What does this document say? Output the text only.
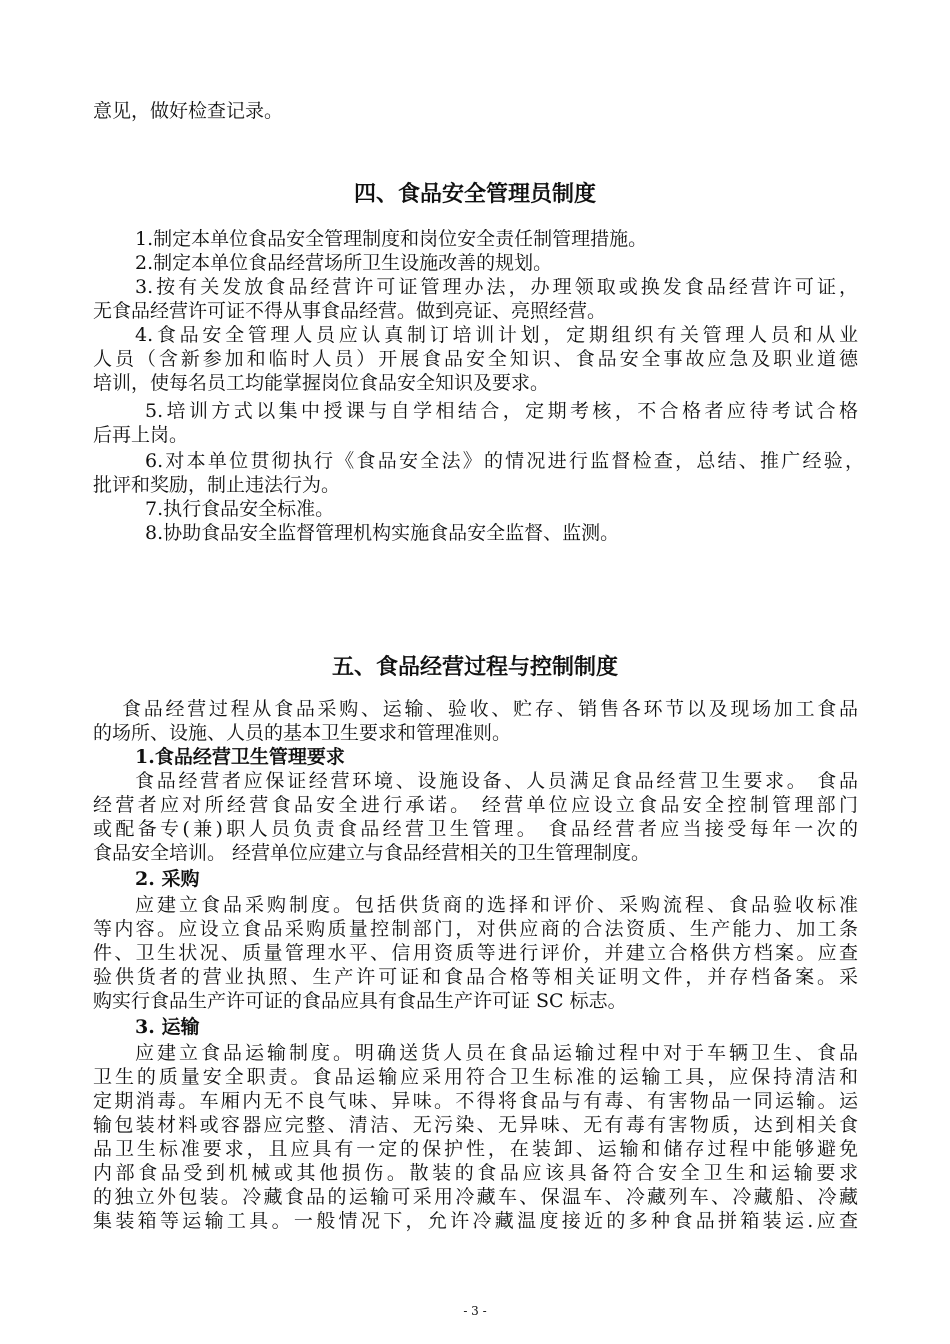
意见，做好检查记录。
四、食品安全管理员制度
1.制定本单位食品安全管理制度和岗位安全责任制管理措施。
2.制定本单位食品经营场所卫生设施改善的规划。
3.按有关发放食品经营许可证管理办法，办理领取或换发食品经营许可证，
无食品经营许可证不得从事食品经营。做到亮证、亮照经营。
4.食品安全管理人员应认真制订培训计划，定期组织有关管理人员和从业
人员（含新参加和临时人员）开展食品安全知识、食品安全事故应急及职业道德
培训，使每名员工均能掌握岗位食品安全知识及要求。
5.培训方式以集中授课与自学相结合，定期考核，不合格者应待考试合格
后再上岗。
6.对本单位贯彻执行《食品安全法》的情况进行监督检查，总结、推广经验，
批评和奖励，制止违法行为。
7.执行食品安全标准。
8.协助食品安全监督管理机构实施食品安全监督、监测。
五、食品经营过程与控制制度
食品经营过程从食品采购、运输、验收、贮存、销售各环节以及现场加工食品
的场所、设施、人员的基本卫生要求和管理准则。
1.食品经营卫生管理要求
食品经营者应保证经营环境、设施设备、人员满足食品经营卫生要求。 食品
经营者应对所经营食品安全进行承诺。 经营单位应设立食品安全控制管理部门
或配备专(兼)职人员负责食品经营卫生管理。 食品经营者应当接受每年一次的
食品安全培训。 经营单位应建立与食品经营相关的卫生管理制度。
2. 采购
应建立食品采购制度。包括供货商的选择和评价、采购流程、食品验收标准
等内容。应设立食品采购质量控制部门，对供应商的合法资质、生产能力、加工条
件、卫生状况、质量管理水平、信用资质等进行评价，并建立合格供方档案。应查
验供货者的营业执照、生产许可证和食品合格等相关证明文件，并存档备案。采
购实行食品生产许可证的食品应具有食品生产许可证 SC 标志。
3. 运输
应建立食品运输制度。明确送货人员在食品运输过程中对于车辆卫生、食品
卫生的质量安全职责。食品运输应采用符合卫生标准的运输工具，应保持清洁和
定期消毒。车厢内无不良气味、异味。不得将食品与有毒、有害物品一同运输。运
输包装材料或容器应完整、清洁、无污染、无异味、无有毒有害物质，达到相关食
品卫生标准要求，且应具有一定的保护性，在装卸、运输和储存过程中能够避免
内部食品受到机械或其他损伤。散装的食品应该具备符合安全卫生和运输要求
的独立外包装。冷藏食品的运输可采用冷藏车、保温车、冷藏列车、冷藏船、冷藏
集装箱等运输工具。一般情况下，允许冷藏温度接近的多种食品拼箱装运.应查
- 3 -
